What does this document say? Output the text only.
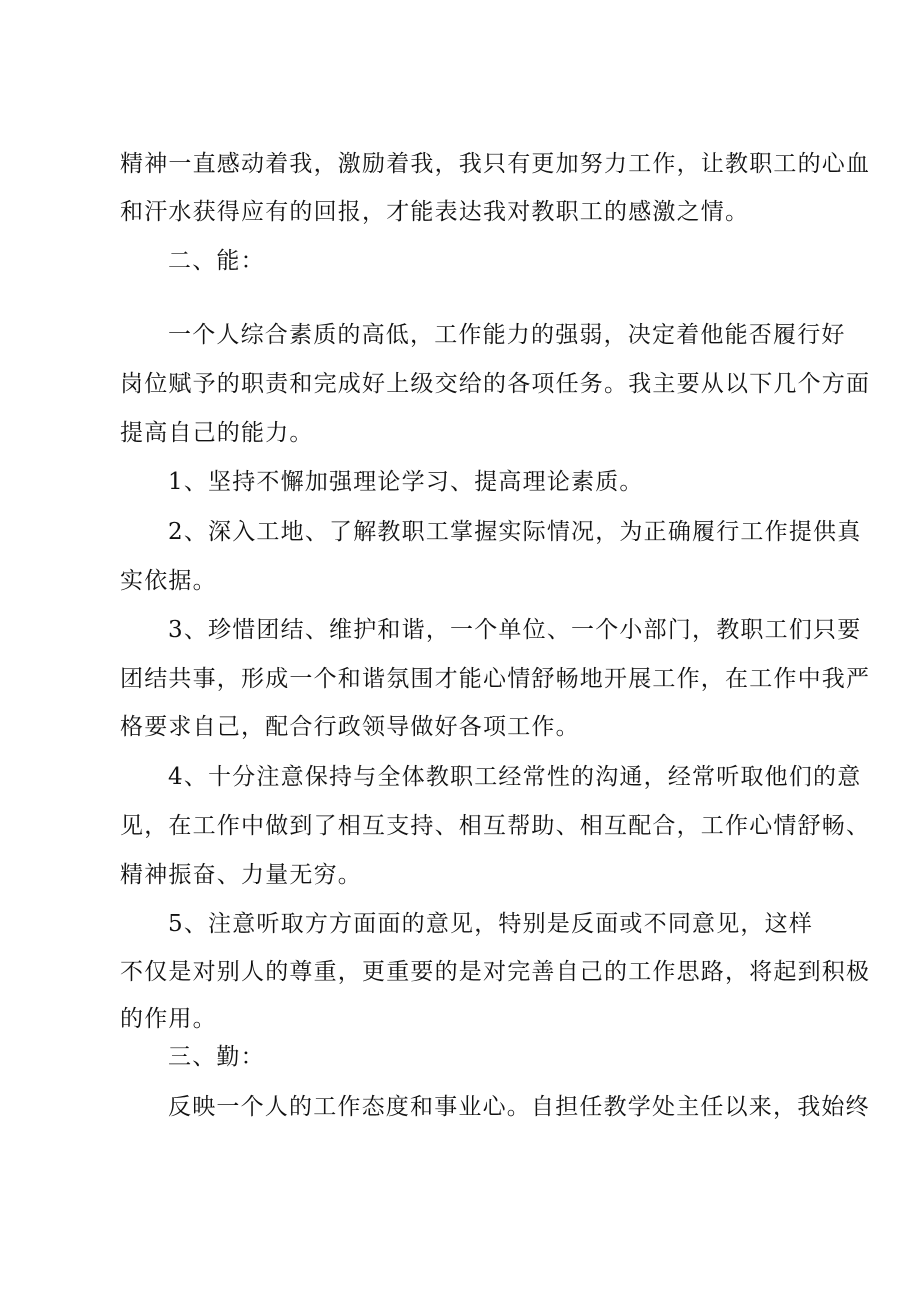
精神一直感动着我，激励着我，我只有更加努力工作，让教职工的心血
和汗水获得应有的回报，才能表达我对教职工的感激之情。
二、能：
一个人综合素质的高低，工作能力的强弱，决定着他能否履行好
岗位赋予的职责和完成好上级交给的各项任务。我主要从以下几个方面
提高自己的能力。
1、坚持不懈加强理论学习、提高理论素质。
2、深入工地、了解教职工掌握实际情况，为正确履行工作提供真
实依据。
3、珍惜团结、维护和谐，一个单位、一个小部门，教职工们只要
团结共事，形成一个和谐氛围才能心情舒畅地开展工作，在工作中我严
格要求自己，配合行政领导做好各项工作。
4、十分注意保持与全体教职工经常性的沟通，经常听取他们的意
见，在工作中做到了相互支持、相互帮助、相互配合，工作心情舒畅、
精神振奋、力量无穷。
5、注意听取方方面面的意见，特别是反面或不同意见，这样
不仅是对别人的尊重，更重要的是对完善自己的工作思路，将起到积极
的作用。
三、勤：
反映一个人的工作态度和事业心。自担任教学处主任以来，我始终
